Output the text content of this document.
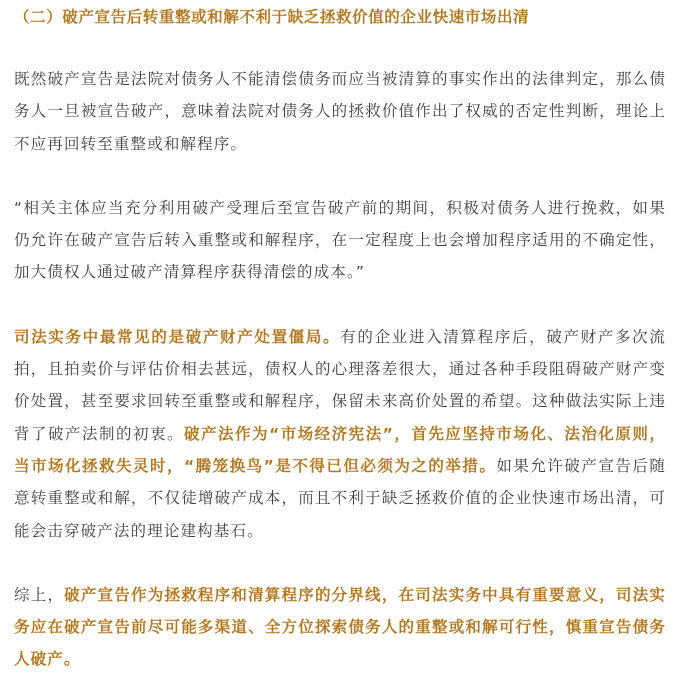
（二）破产宣告后转重整或和解不利于缺乏拯救价值的企业快速市场出清

既然破产宣告是法院对债务人不能清偿债务而应当被清算的事实作出的法律判定，那么债务人一旦被宣告破产，意味着法院对债务人的拯救价值作出了权威的否定性判断，理论上不应再回转至重整或和解程序。

“相关主体应当充分利用破产受理后至宣告破产前的期间，积极对债务人进行挽救，如果仍允许在破产宣告后转入重整或和解程序，在一定程度上也会增加程序适用的不确定性，加大债权人通过破产清算程序获得清偿的成本。”

司法实务中最常见的是破产财产处置僵局。有的企业进入清算程序后，破产财产多次流拍，且拍卖价与评估价相去甚远，债权人的心理落差很大，通过各种手段阻碍破产财产变价处置，甚至要求回转至重整或和解程序，保留未来高价处置的希望。这种做法实际上违背了破产法制的初衷。破产法作为“市场经济宪法”，首先应坚持市场化、法治化原则，当市场化拯救失灵时，“腾笼换鸟”是不得已但必须为之的举措。如果允许破产宣告后随意转重整或和解，不仅徒增破产成本，而且不利于缺乏拯救价值的企业快速市场出清，可能会击穿破产法的理论建构基石。

综上，破产宣告作为拯救程序和清算程序的分界线，在司法实务中具有重要意义，司法实务应在破产宣告前尽可能多渠道、全方位探索债务人的重整或和解可行性，慎重宣告债务人破产。
